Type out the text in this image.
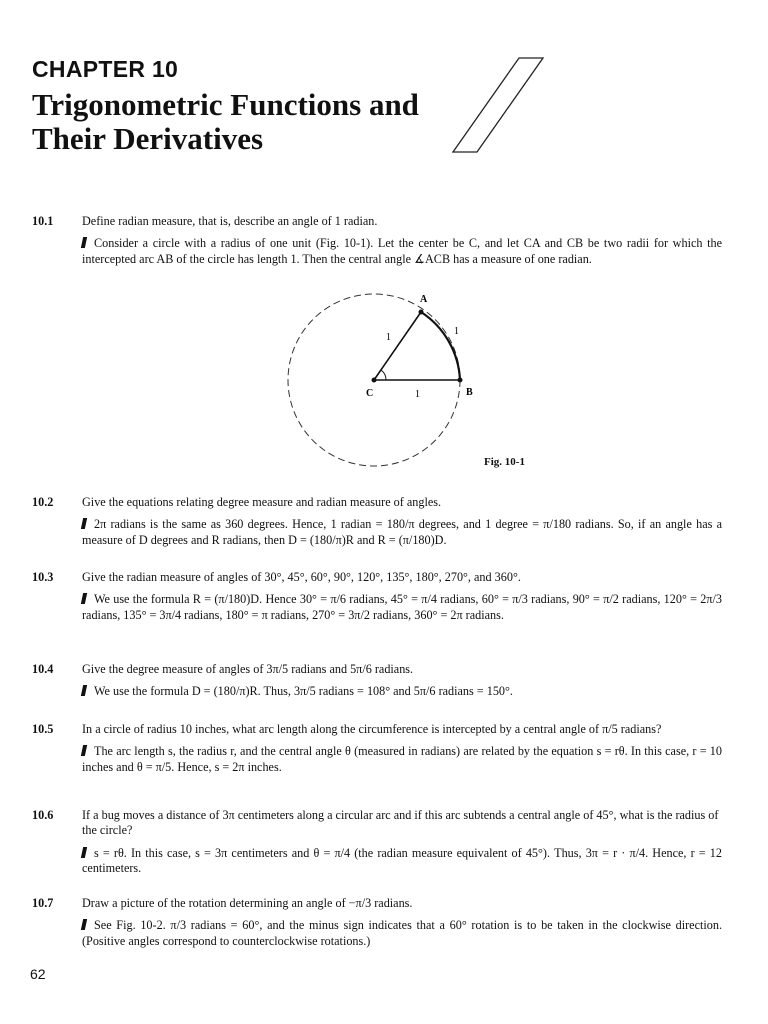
CHAPTER 10
Trigonometric Functions and
Their Derivatives
10.1	Define radian measure, that is, describe an angle of 1 radian.
Consider a circle with a radius of one unit (Fig. 10-1). Let the center be C, and let CA and CB be two radii for which the intercepted arc AB of the circle has length 1. Then the central angle ∡ACB has a measure of one radian.
A
B
C
1
1
1
Fig. 10-1
10.2	Give the equations relating degree measure and radian measure of angles.
2π radians is the same as 360 degrees. Hence, 1 radian = 180/π degrees, and 1 degree = π/180 radians. So, if an angle has a measure of D degrees and R radians, then D = (180/π)R and R = (π/180)D.
10.3	Give the radian measure of angles of 30°, 45°, 60°, 90°, 120°, 135°, 180°, 270°, and 360°.
We use the formula R = (π/180)D. Hence 30° = π/6 radians, 45° = π/4 radians, 60° = π/3 radians, 90° = π/2 radians, 120° = 2π/3 radians, 135° = 3π/4 radians, 180° = π radians, 270° = 3π/2 radians, 360° = 2π radians.
10.4	Give the degree measure of angles of 3π/5 radians and 5π/6 radians.
We use the formula D = (180/π)R. Thus, 3π/5 radians = 108° and 5π/6 radians = 150°.
10.5	In a circle of radius 10 inches, what arc length along the circumference is intercepted by a central angle of π/5 radians?
The arc length s, the radius r, and the central angle θ (measured in radians) are related by the equation s = rθ. In this case, r = 10 inches and θ = π/5. Hence, s = 2π inches.
10.6	If a bug moves a distance of 3π centimeters along a circular arc and if this arc subtends a central angle of 45°, what is the radius of the circle?
s = rθ. In this case, s = 3π centimeters and θ = π/4 (the radian measure equivalent of 45°). Thus, 3π = r · π/4. Hence, r = 12 centimeters.
10.7	Draw a picture of the rotation determining an angle of −π/3 radians.
See Fig. 10-2. π/3 radians = 60°, and the minus sign indicates that a 60° rotation is to be taken in the clockwise direction. (Positive angles correspond to counterclockwise rotations.)
62
